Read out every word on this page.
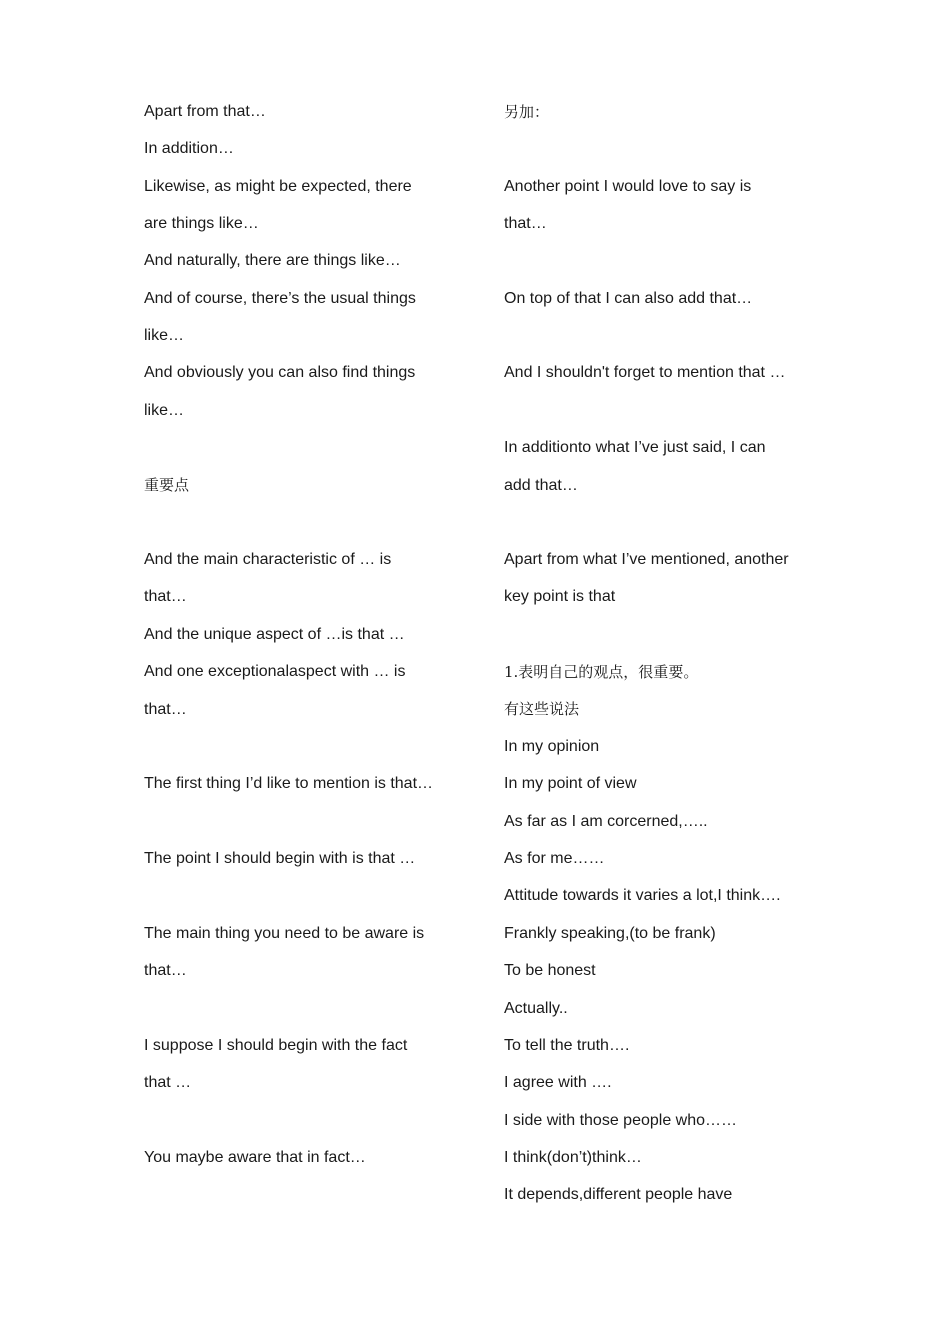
Apart from that…
In addition…
Likewise, as might be expected, there
are things like…
And naturally, there are things like…
And of course, there’s the usual things
like…
And obviously you can also find things
like…
重要点
And the main characteristic of … is
that…
And the unique aspect of …is that …
And one exceptionalaspect with … is
that…
The first thing I’d like to mention is that…
The point I should begin with is that …
The main thing you need to be aware is
that…
I suppose I should begin with the fact
that …
You maybe aware that in fact…
另加：
Another point I would love to say is
that…
On top of that I can also add that…
And I shouldn't forget to mention that …
In additionto what I’ve just said, I can
add that…
Apart from what I’ve mentioned, another
key point is that
1.表明自己的观点，很重要。
有这些说法
In my opinion
In my point of view
As far as I am corcerned,…..
As for me……
Attitude towards it varies a lot,I think….
Frankly speaking,(to be frank)
To be honest
Actually..
To tell the truth….
I agree with ….
I side with those people who……
I think(don’t)think…
It depends,different people have
